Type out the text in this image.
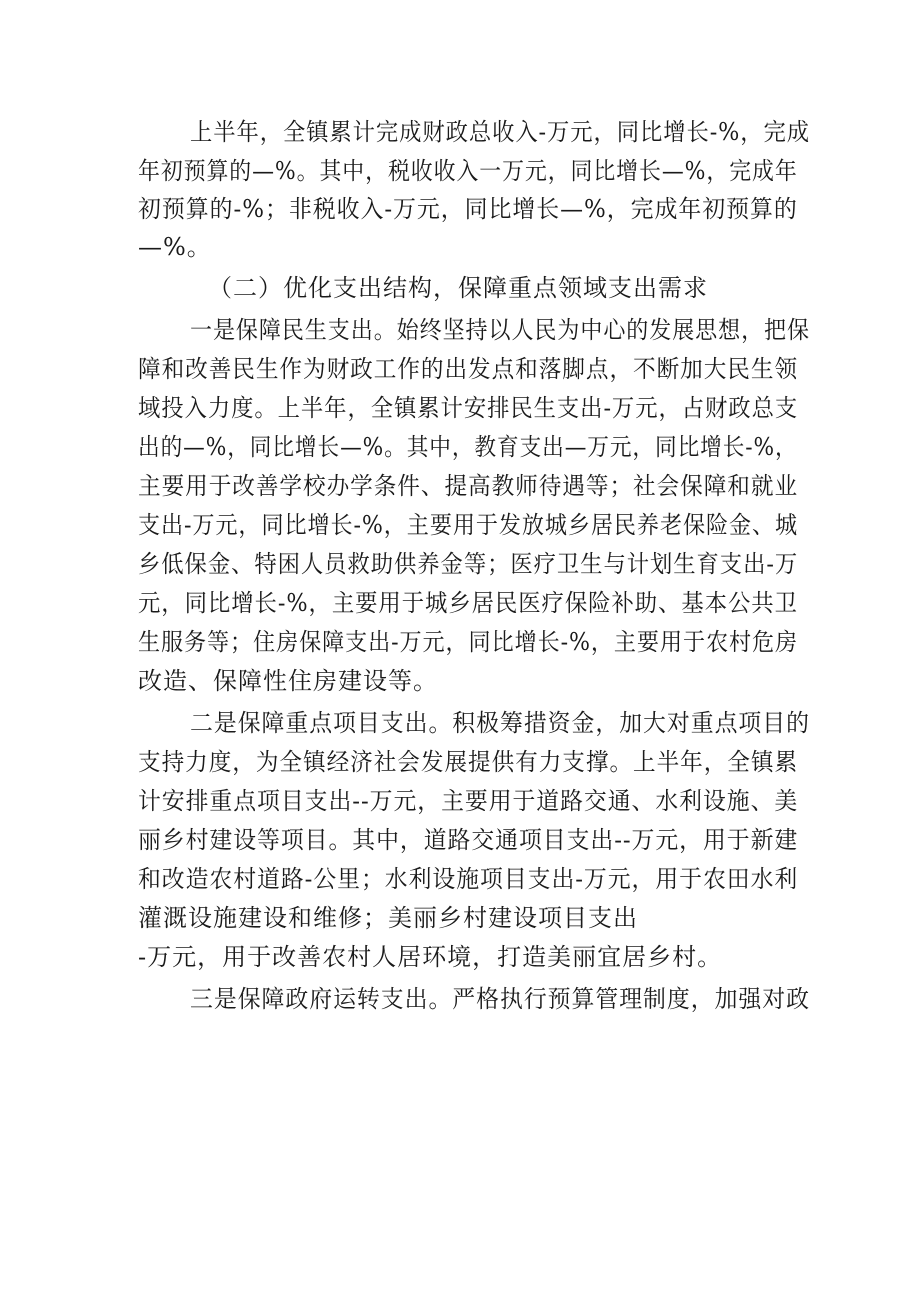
上半年，全镇累计完成财政总收入-万元，同比增长-%，完成
年初预算的—%。其中，税收收入一万元，同比增长—%，完成年
初预算的-%；非税收入-万元，同比增长—%，完成年初预算的
—%。
（二）优化支出结构，保障重点领域支出需求
一是保障民生支出。始终坚持以人民为中心的发展思想，把保
障和改善民生作为财政工作的出发点和落脚点，不断加大民生领
域投入力度。上半年，全镇累计安排民生支出-万元，占财政总支
出的—%，同比增长—%。其中，教育支出—万元，同比增长-%，
主要用于改善学校办学条件、提高教师待遇等；社会保障和就业
支出-万元，同比增长-%，主要用于发放城乡居民养老保险金、城
乡低保金、特困人员救助供养金等；医疗卫生与计划生育支出-万
元，同比增长-%，主要用于城乡居民医疗保险补助、基本公共卫
生服务等；住房保障支出-万元，同比增长-%，主要用于农村危房
改造、保障性住房建设等。
二是保障重点项目支出。积极筹措资金，加大对重点项目的
支持力度，为全镇经济社会发展提供有力支撑。上半年，全镇累
计安排重点项目支出--万元，主要用于道路交通、水利设施、美
丽乡村建设等项目。其中，道路交通项目支出--万元，用于新建
和改造农村道路-公里；水利设施项目支出-万元，用于农田水利
灌溉设施建设和维修；美丽乡村建设项目支出
-万元，用于改善农村人居环境，打造美丽宜居乡村。
三是保障政府运转支出。严格执行预算管理制度，加强对政
